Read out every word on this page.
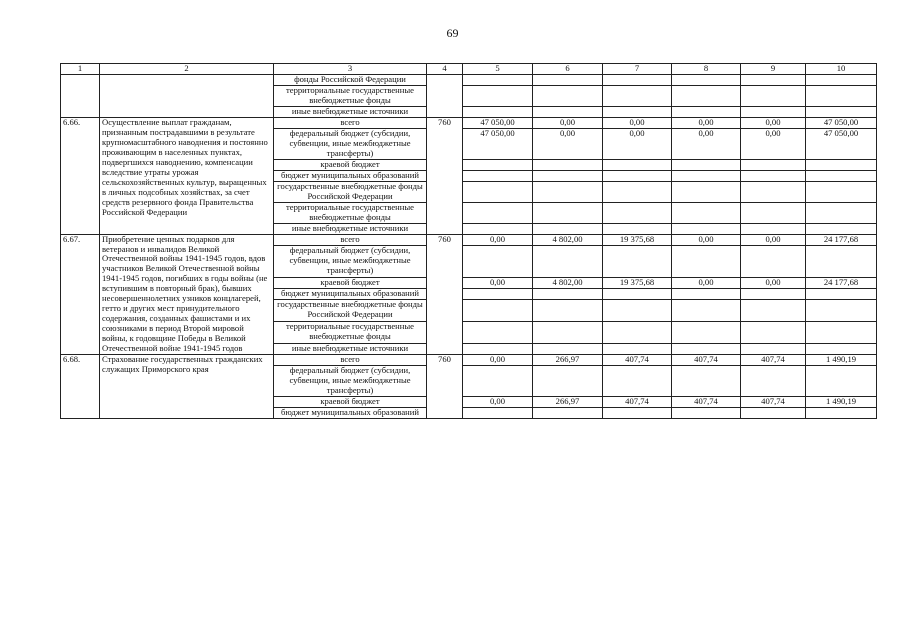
69
1	2	3	4	5	6	7	8	9	10
		фонды Российской Федерации							
		территориальные государственные внебюджетные фонды							
		иные внебюджетные источники							
6.66.	Осуществление выплат гражданам, признанным пострадавшими в результате крупномасштабного наводнения и постоянно проживающим в населенных пунктах, подвергшихся наводнению, компенсации вследствие утраты урожая сельскохозяйственных культур, выращенных в личных подсобных хозяйствах, за счет средств резервного фонда Правительства Российской Федерации	всего	760	47 050,00	0,00	0,00	0,00	0,00	47 050,00
		федеральный бюджет (субсидии, субвенции, иные межбюджетные трансферты)		47 050,00	0,00	0,00	0,00	0,00	47 050,00
		краевой бюджет							
		бюджет муниципальных образований							
		государственные внебюджетные фонды Российской Федерации							
		территориальные государственные внебюджетные фонды							
		иные внебюджетные источники							
6.67.	Приобретение ценных подарков для ветеранов и инвалидов Великой Отечественной войны 1941-1945 годов, вдов участников Великой Отечественной войны 1941-1945 годов, погибших в годы войны (не вступившим в повторный брак), бывших несовершеннолетних узников концлагерей, гетто и других мест принудительного содержания, созданных фашистами и их союзниками в период Второй мировой войны, к годовщине Победы в Великой Отечественной войне 1941-1945 годов	всего	760	0,00	4 802,00	19 375,68	0,00	0,00	24 177,68
		федеральный бюджет (субсидии, субвенции, иные межбюджетные трансферты)							
		краевой бюджет		0,00	4 802,00	19 375,68	0,00	0,00	24 177,68
		бюджет муниципальных образований							
		государственные внебюджетные фонды Российской Федерации							
		территориальные государственные внебюджетные фонды							
		иные внебюджетные источники							
6.68.	Страхование государственных гражданских служащих Приморского края	всего	760	0,00	266,97	407,74	407,74	407,74	1 490,19
		федеральный бюджет (субсидии, субвенции, иные межбюджетные трансферты)							
		краевой бюджет		0,00	266,97	407,74	407,74	407,74	1 490,19
		бюджет муниципальных образований							
